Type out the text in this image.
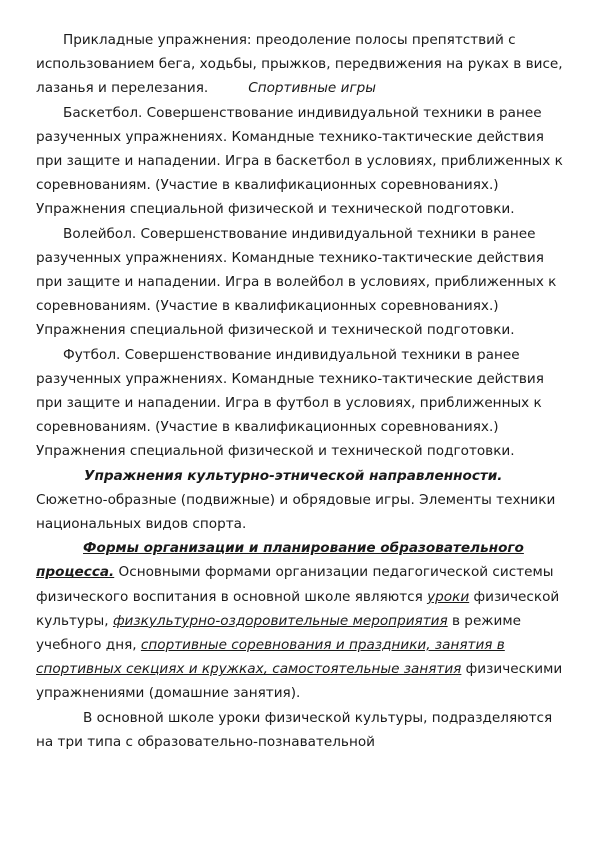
Прикладные упражнения: преодоление полосы препятствий с использованием бега, ходьбы, прыжков, передвижения на руках в висе, лазанья и перелезания.	Спортивные игры

Баскетбол. Совершенствование индивидуальной техники в ранее разученных упражнениях. Командные технико-тактические действия при защите и нападении. Игра в баскетбол в условиях, приближенных к соревнованиям. (Участие в квалификационных соревнованиях.) Упражнения специальной физической и технической подготовки.

Волейбол. Совершенствование индивидуальной техники в ранее разученных упражнениях. Командные технико-тактические действия при защите и нападении. Игра в волейбол в условиях, приближенных к соревнованиям. (Участие в квалификационных соревнованиях.) Упражнения специальной физической и технической подготовки.

Футбол. Совершенствование индивидуальной техники в ранее разученных упражнениях. Командные технико-тактические действия при защите и нападении. Игра в футбол в условиях, приближенных к соревнованиям. (Участие в квалификационных соревнованиях.) Упражнения специальной физической и технической подготовки.

Упражнения культурно-этнической направленности.

Сюжетно-образные (подвижные) и обрядовые игры. Элементы техники национальных видов спорта.

Формы организации и планирование образовательного процесса. Основными формами организации педагогической системы физического воспитания в основной школе являются уроки физической культуры, физкультурно-оздоровительные мероприятия в режиме учебного дня, спортивные соревнования и праздники, занятия в спортивных секциях и кружках, самостоятельные занятия физическими упражнениями (домашние занятия).

В основной школе уроки физической культуры, подразделяются на три типа с образовательно-познавательной
